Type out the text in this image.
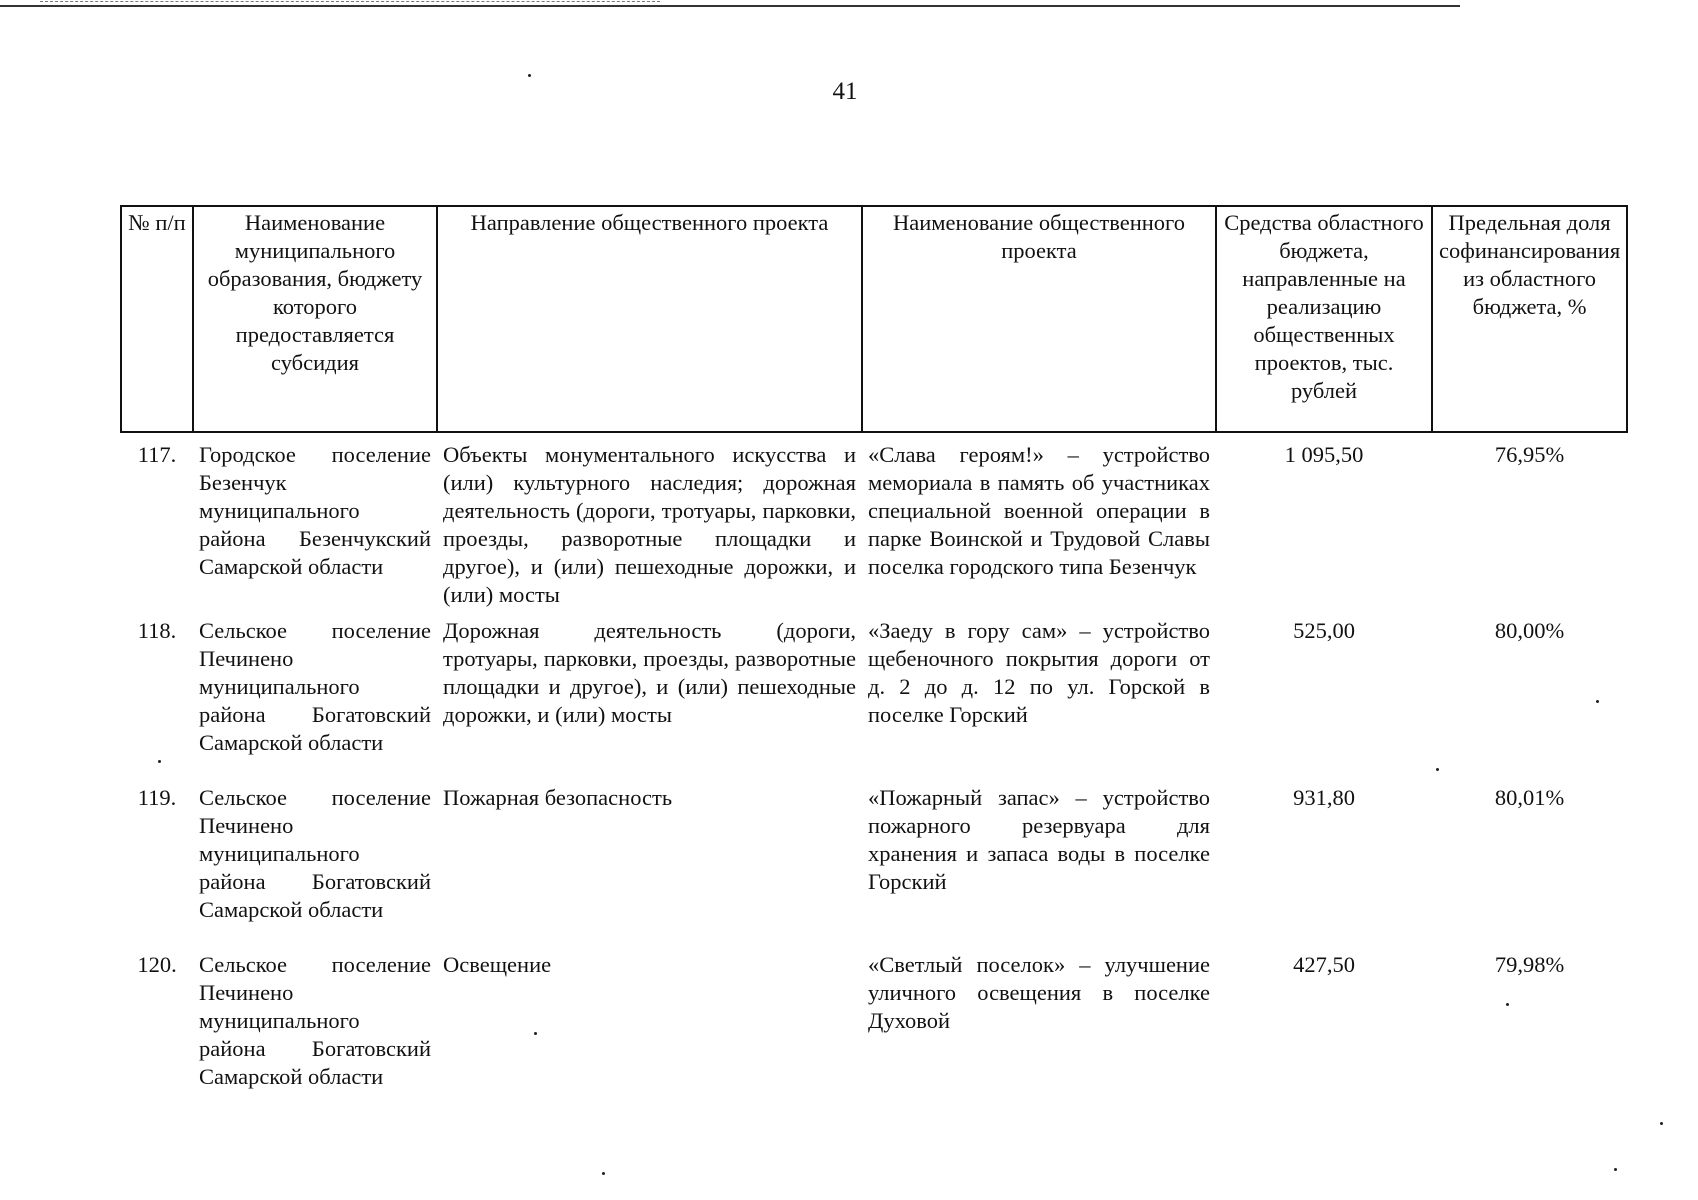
41
№ п/п	Наименование муниципального образования, бюджету которого предоставляется субсидия	Направление общественного проекта	Наименование общественного проекта	Средства областного бюджета, направленные на реализацию общественных проектов, тыс. рублей	Предельная доля софинансирования из областного бюджета, %
117.	Городское поселение Безенчук муниципального района Безенчукский Самарской области	Объекты монументального искусства и (или) культурного наследия; дорожная деятельность (дороги, тротуары, парковки, проезды, разворотные площадки и другое), и (или) пешеходные дорожки, и (или) мосты	«Слава героям!» – устройство мемориала в память об участниках специальной военной операции в парке Воинской и Трудовой Славы поселка городского типа Безенчук	1 095,50	76,95%
118.	Сельское поселение Печинено муниципального района Богатовский Самарской области	Дорожная деятельность (дороги, тротуары, парковки, проезды, разворотные площадки и другое), и (или) пешеходные дорожки, и (или) мосты	«Заеду в гору сам» – устройство щебеночного покрытия дороги от д. 2 до д. 12 по ул. Горской в поселке Горский	525,00	80,00%
119.	Сельское поселение Печинено муниципального района Богатовский Самарской области	Пожарная безопасность	«Пожарный запас» – устройство пожарного резервуара для хранения и запаса воды в поселке Горский	931,80	80,01%
120.	Сельское поселение Печинено муниципального района Богатовский Самарской области	Освещение	«Светлый поселок» – улучшение уличного освещения в поселке Духовой	427,50	79,98%
